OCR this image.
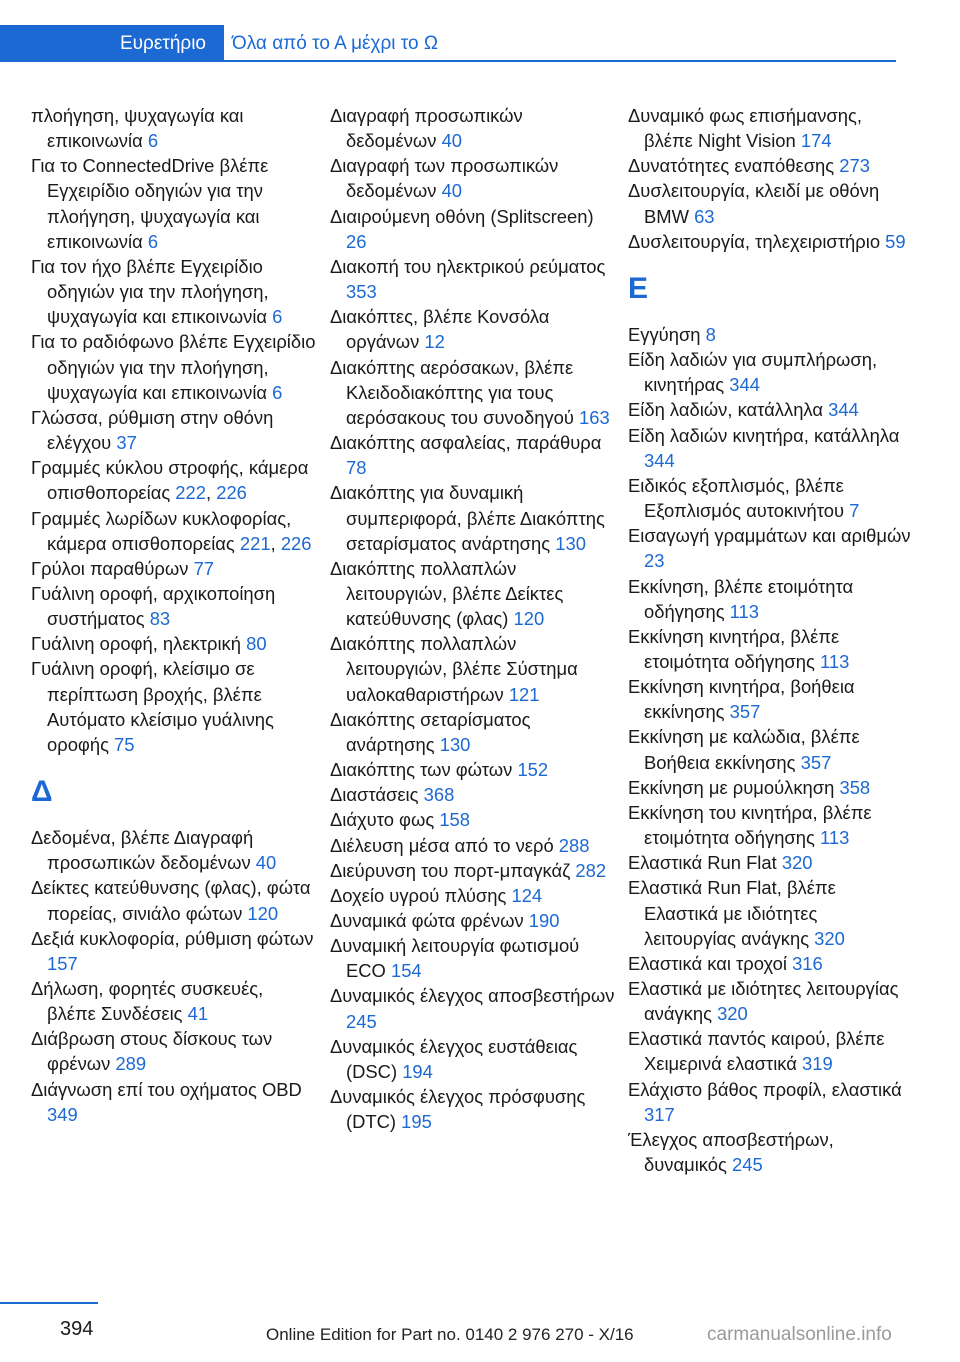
Ευρετήριο	Όλα από το Α μέχρι το Ω
πλοήγηση, ψυχαγωγία και επικοινωνία 6
Για το ConnectedDrive βλέπε Εγχειρίδιο οδηγιών για την πλοήγηση, ψυχαγωγία και επικοινωνία 6
Για τον ήχο βλέπε Εγχειρίδιο οδηγιών για την πλοήγηση, ψυχαγωγία και επικοινωνία 6
Για το ραδιόφωνο βλέπε Εγχειρίδιο οδηγιών για την πλοήγηση, ψυχαγωγία και επικοινωνία 6
Γλώσσα, ρύθμιση στην οθόνη ελέγχου 37
Γραμμές κύκλου στροφής, κάμερα οπισθοπορείας 222, 226
Γραμμές λωρίδων κυκλοφορίας, κάμερα οπισθοπορείας 221, 226
Γρύλοι παραθύρων 77
Γυάλινη οροφή, αρχικοποίηση συστήματος 83
Γυάλινη οροφή, ηλεκτρική 80
Γυάλινη οροφή, κλείσιμο σε περίπτωση βροχής, βλέπε Αυτόματο κλείσιμο γυάλινης οροφής 75
Δ
Δεδομένα, βλέπε Διαγραφή προσωπικών δεδομένων 40
Δείκτες κατεύθυνσης (φλας), φώτα πορείας, σινιάλο φώτων 120
Δεξιά κυκλοφορία, ρύθμιση φώτων 157
Δήλωση, φορητές συσκευές, βλέπε Συνδέσεις 41
Διάβρωση στους δίσκους των φρένων 289
Διάγνωση επί του οχήματος OBD 349
Διαγραφή προσωπικών δεδομένων 40
Διαγραφή των προσωπικών δεδομένων 40
Διαιρούμενη οθόνη (Splitscreen) 26
Διακοπή του ηλεκτρικού ρεύματος 353
Διακόπτες, βλέπε Κονσόλα οργάνων 12
Διακόπτης αερόσακων, βλέπε Κλειδοδιακόπτης για τους αερόσακους του συνοδηγού 163
Διακόπτης ασφαλείας, παράθυρα 78
Διακόπτης για δυναμική συμπεριφορά, βλέπε Διακόπτης σεταρίσματος ανάρτησης 130
Διακόπτης πολλαπλών λειτουργιών, βλέπε Δείκτες κατεύθυνσης (φλας) 120
Διακόπτης πολλαπλών λειτουργιών, βλέπε Σύστημα υαλοκαθαριστήρων 121
Διακόπτης σεταρίσματος ανάρτησης 130
Διακόπτης των φώτων 152
Διαστάσεις 368
Διάχυτο φως 158
Διέλευση μέσα από το νερό 288
Διεύρυνση του πορτ-μπαγκάζ 282
Δοχείο υγρού πλύσης 124
Δυναμικά φώτα φρένων 190
Δυναμική λειτουργία φωτισμού ECO 154
Δυναμικός έλεγχος αποσβεστήρων 245
Δυναμικός έλεγχος ευστάθειας (DSC) 194
Δυναμικός έλεγχος πρόσφυσης (DTC) 195
Δυναμικό φως επισήμανσης, βλέπε Night Vision 174
Δυνατότητες εναπόθεσης 273
Δυσλειτουργία, κλειδί με οθόνη BMW 63
Δυσλειτουργία, τηλεχειριστήριο 59
Ε
Εγγύηση 8
Είδη λαδιών για συμπλήρωση, κινητήρας 344
Είδη λαδιών, κατάλληλα 344
Είδη λαδιών κινητήρα, κατάλληλα 344
Ειδικός εξοπλισμός, βλέπε Εξοπλισμός αυτοκινήτου 7
Εισαγωγή γραμμάτων και αριθμών 23
Εκκίνηση, βλέπε ετοιμότητα οδήγησης 113
Εκκίνηση κινητήρα, βλέπε ετοιμότητα οδήγησης 113
Εκκίνηση κινητήρα, βοήθεια εκκίνησης 357
Εκκίνηση με καλώδια, βλέπε Βοήθεια εκκίνησης 357
Εκκίνηση με ρυμούλκηση 358
Εκκίνηση του κινητήρα, βλέπε ετοιμότητα οδήγησης 113
Ελαστικά Run Flat 320
Ελαστικά Run Flat, βλέπε Ελαστικά με ιδιότητες λειτουργίας ανάγκης 320
Ελαστικά και τροχοί 316
Ελαστικά με ιδιότητες λειτουργίας ανάγκης 320
Ελαστικά παντός καιρού, βλέπε Χειμερινά ελαστικά 319
Ελάχιστο βάθος προφίλ, ελαστικά 317
Έλεγχος αποσβεστήρων, δυναμικός 245
394	Online Edition for Part no. 0140 2 976 270 - X/16	carmanualsonline.info
